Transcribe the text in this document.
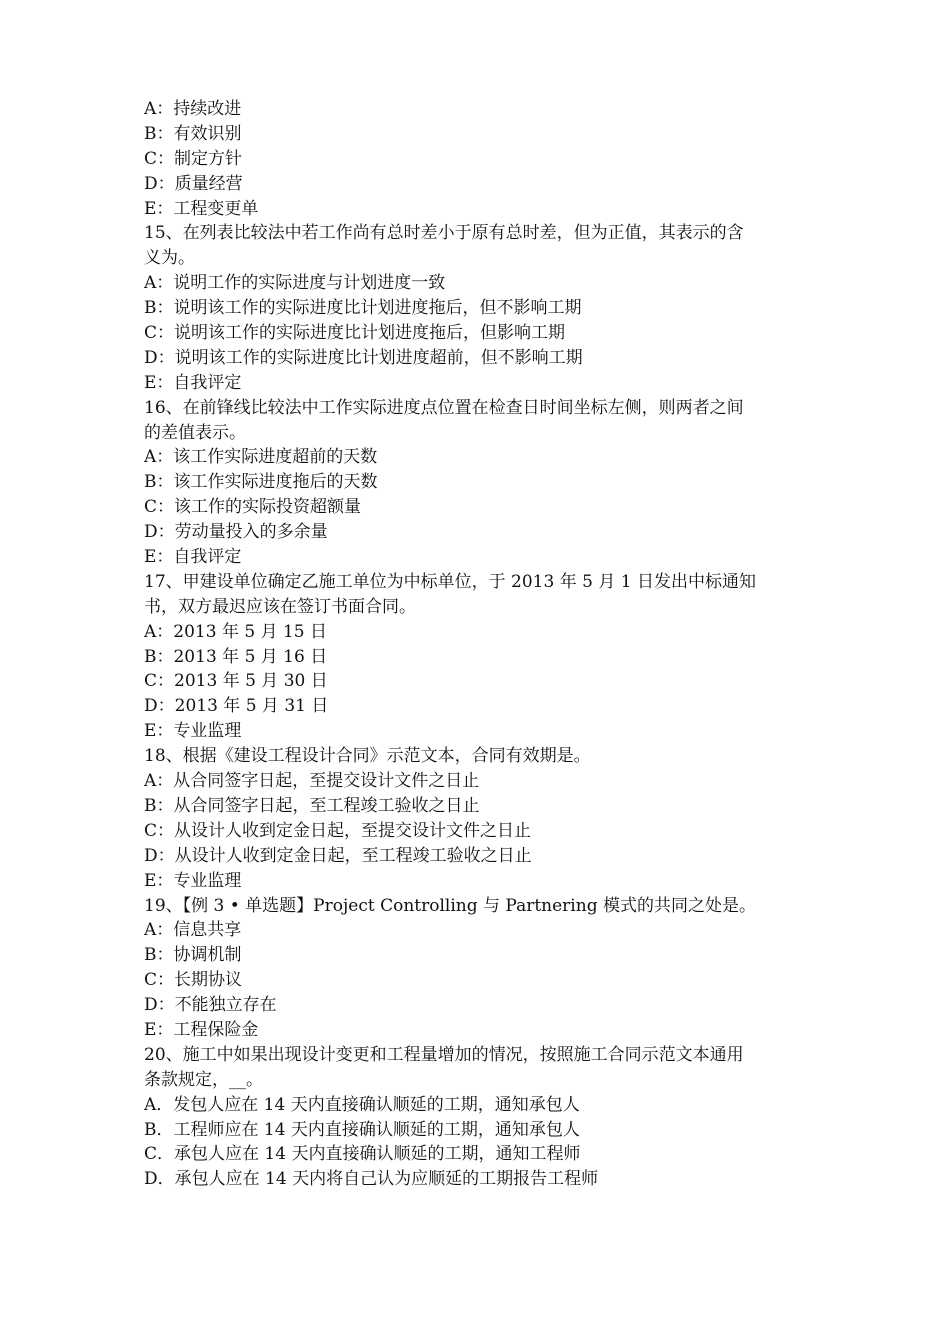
A：持续改进
B：有效识别
C：制定方针
D：质量经营
E：工程变更单
15、在列表比较法中若工作尚有总时差小于原有总时差，但为正值，其表示的含
义为。
A：说明工作的实际进度与计划进度一致
B：说明该工作的实际进度比计划进度拖后，但不影响工期
C：说明该工作的实际进度比计划进度拖后，但影响工期
D：说明该工作的实际进度比计划进度超前，但不影响工期
E：自我评定
16、在前锋线比较法中工作实际进度点位置在检查日时间坐标左侧，则两者之间
的差值表示。
A：该工作实际进度超前的天数
B：该工作实际进度拖后的天数
C：该工作的实际投资超额量
D：劳动量投入的多余量
E：自我评定
17、甲建设单位确定乙施工单位为中标单位，于 2013 年 5 月 1 日发出中标通知
书，双方最迟应该在签订书面合同。
A：2013 年 5 月 15 日
B：2013 年 5 月 16 日
C：2013 年 5 月 30 日
D：2013 年 5 月 31 日
E：专业监理
18、根据《建设工程设计合同》示范文本，合同有效期是。
A：从合同签字日起，至提交设计文件之日止
B：从合同签字日起，至工程竣工验收之日止
C：从设计人收到定金日起，至提交设计文件之日止
D：从设计人收到定金日起，至工程竣工验收之日止
E：专业监理
19、【例 3 • 单选题】Project Controlling 与 Partnering 模式的共同之处是。
A：信息共享
B：协调机制
C：长期协议
D：不能独立存在
E：工程保险金
20、施工中如果出现设计变更和工程量增加的情况，按照施工合同示范文本通用
条款规定，__。
A．发包人应在 14 天内直接确认顺延的工期，通知承包人
B．工程师应在 14 天内直接确认顺延的工期，通知承包人
C．承包人应在 14 天内直接确认顺延的工期，通知工程师
D．承包人应在 14 天内将自己认为应顺延的工期报告工程师
